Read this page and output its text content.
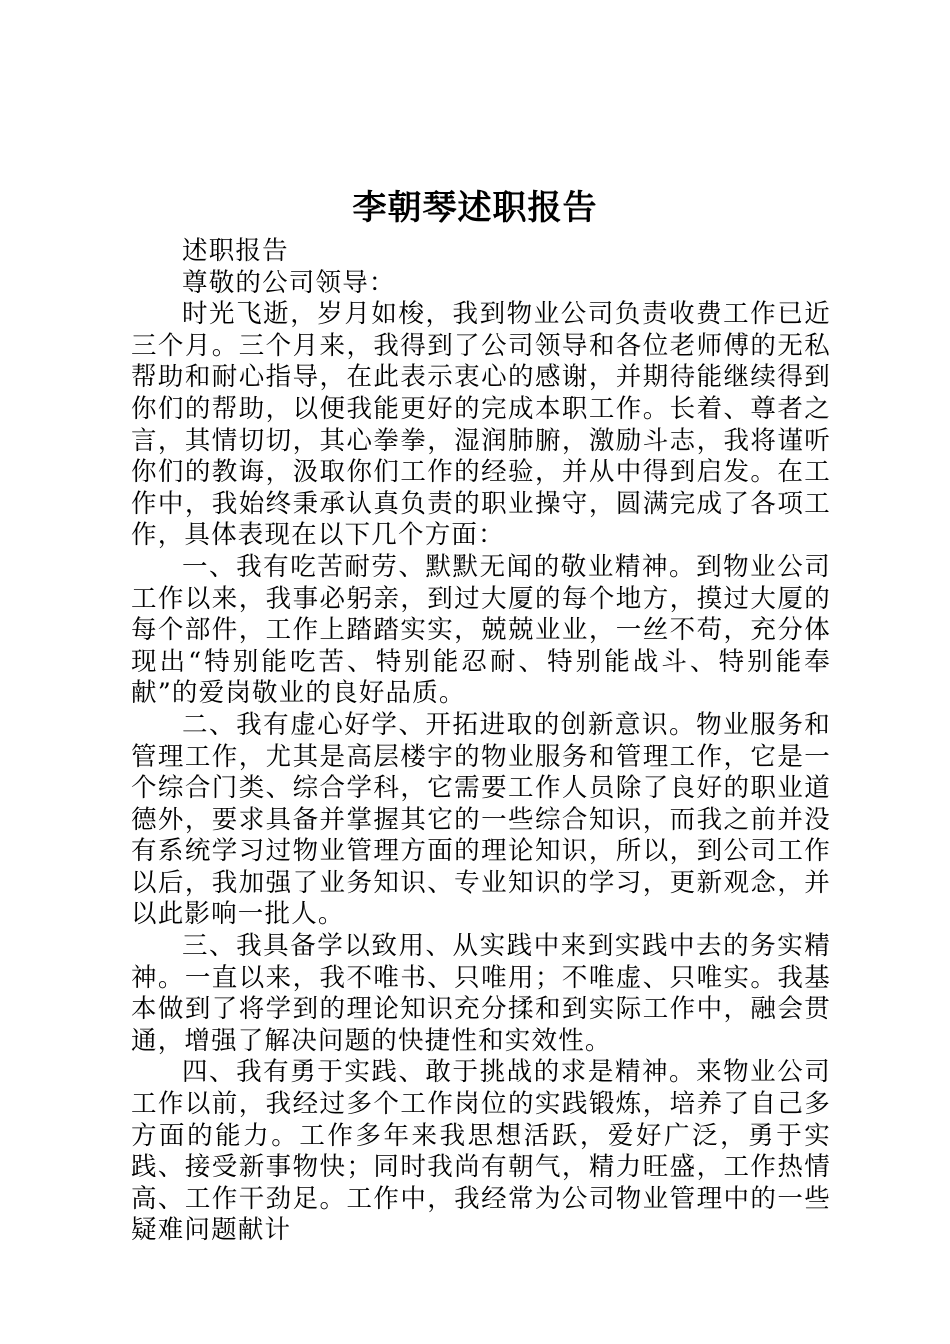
李朝琴述职报告

述职报告

尊敬的公司领导：

时光飞逝，岁月如梭，我到物业公司负责收费工作已近三个月。三个月来，我得到了公司领导和各位老师傅的无私帮助和耐心指导，在此表示衷心的感谢，并期待能继续得到你们的帮助，以便我能更好的完成本职工作。长着、尊者之言，其情切切，其心拳拳，湿润肺腑，激励斗志，我将谨听你们的教诲，汲取你们工作的经验，并从中得到启发。在工作中，我始终秉承认真负责的职业操守，圆满完成了各项工作，具体表现在以下几个方面：

一、我有吃苦耐劳、默默无闻的敬业精神。到物业公司工作以来，我事必躬亲，到过大厦的每个地方，摸过大厦的每个部件，工作上踏踏实实，兢兢业业，一丝不苟，充分体现出“特别能吃苦、特别能忍耐、特别能战斗、特别能奉献”的爱岗敬业的良好品质。

二、我有虚心好学、开拓进取的创新意识。物业服务和管理工作，尤其是高层楼宇的物业服务和管理工作，它是一个综合门类、综合学科，它需要工作人员除了良好的职业道德外，要求具备并掌握其它的一些综合知识，而我之前并没有系统学习过物业管理方面的理论知识，所以，到公司工作以后，我加强了业务知识、专业知识的学习，更新观念，并以此影响一批人。

三、我具备学以致用、从实践中来到实践中去的务实精神。一直以来，我不唯书、只唯用；不唯虚、只唯实。我基本做到了将学到的理论知识充分揉和到实际工作中，融会贯通，增强了解决问题的快捷性和实效性。

四、我有勇于实践、敢于挑战的求是精神。来物业公司工作以前，我经过多个工作岗位的实践锻炼，培养了自己多方面的能力。工作多年来我思想活跃，爱好广泛，勇于实践、接受新事物快；同时我尚有朝气，精力旺盛，工作热情高、工作干劲足。工作中，我经常为公司物业管理中的一些疑难问题献计
